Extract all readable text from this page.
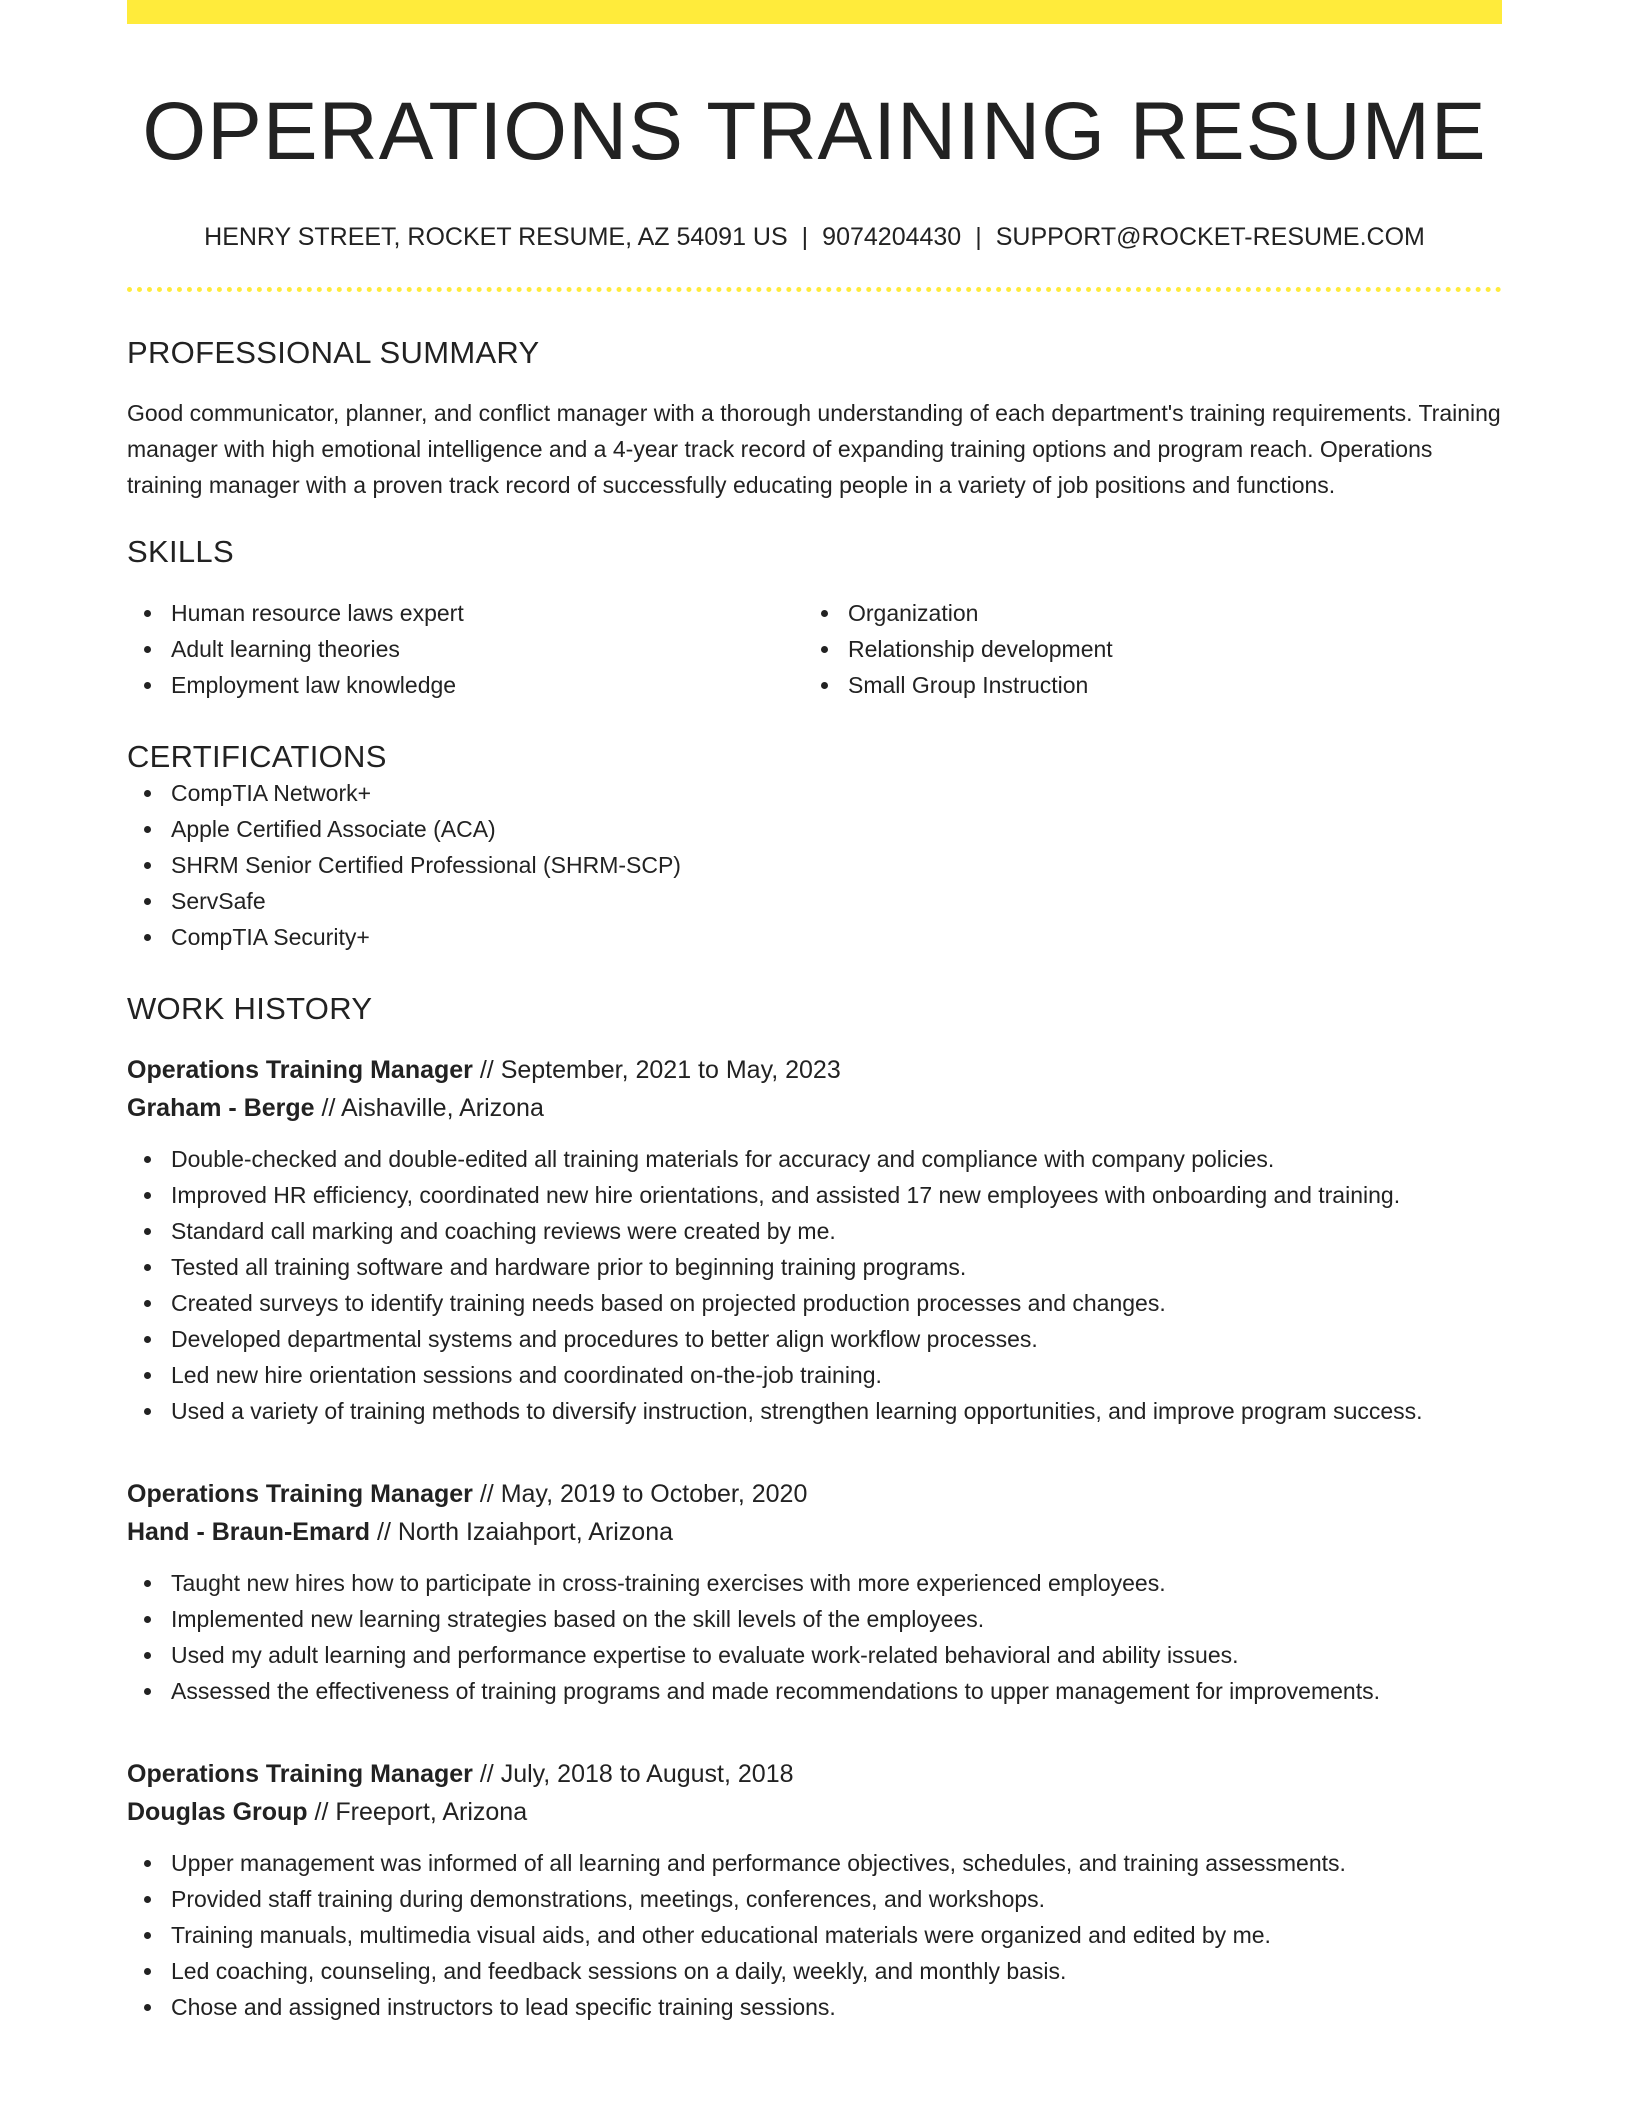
OPERATIONS TRAINING RESUME
HENRY STREET, ROCKET RESUME, AZ 54091 US | 9074204430 | SUPPORT@ROCKET-RESUME.COM
PROFESSIONAL SUMMARY

Good communicator, planner, and conflict manager with a thorough understanding of each department's training requirements. Training manager with high emotional intelligence and a 4-year track record of expanding training options and program reach. Operations training manager with a proven track record of successfully educating people in a variety of job positions and functions.

SKILLS
Human resource laws expert
Adult learning theories
Employment law knowledge
Organization
Relationship development
Small Group Instruction
CERTIFICATIONS
CompTIA Network+
Apple Certified Associate (ACA)
SHRM Senior Certified Professional (SHRM-SCP)
ServSafe
CompTIA Security+
WORK HISTORY
Operations Training Manager // September, 2021 to May, 2023
Graham - Berge // Aishaville, Arizona
Double-checked and double-edited all training materials for accuracy and compliance with company policies.
Improved HR efficiency, coordinated new hire orientations, and assisted 17 new employees with onboarding and training.
Standard call marking and coaching reviews were created by me.
Tested all training software and hardware prior to beginning training programs.
Created surveys to identify training needs based on projected production processes and changes.
Developed departmental systems and procedures to better align workflow processes.
Led new hire orientation sessions and coordinated on-the-job training.
Used a variety of training methods to diversify instruction, strengthen learning opportunities, and improve program success.
Operations Training Manager // May, 2019 to October, 2020
Hand - Braun-Emard // North Izaiahport, Arizona
Taught new hires how to participate in cross-training exercises with more experienced employees.
Implemented new learning strategies based on the skill levels of the employees.
Used my adult learning and performance expertise to evaluate work-related behavioral and ability issues.
Assessed the effectiveness of training programs and made recommendations to upper management for improvements.
Operations Training Manager // July, 2018 to August, 2018
Douglas Group // Freeport, Arizona
Upper management was informed of all learning and performance objectives, schedules, and training assessments.
Provided staff training during demonstrations, meetings, conferences, and workshops.
Training manuals, multimedia visual aids, and other educational materials were organized and edited by me.
Led coaching, counseling, and feedback sessions on a daily, weekly, and monthly basis.
Chose and assigned instructors to lead specific training sessions.
